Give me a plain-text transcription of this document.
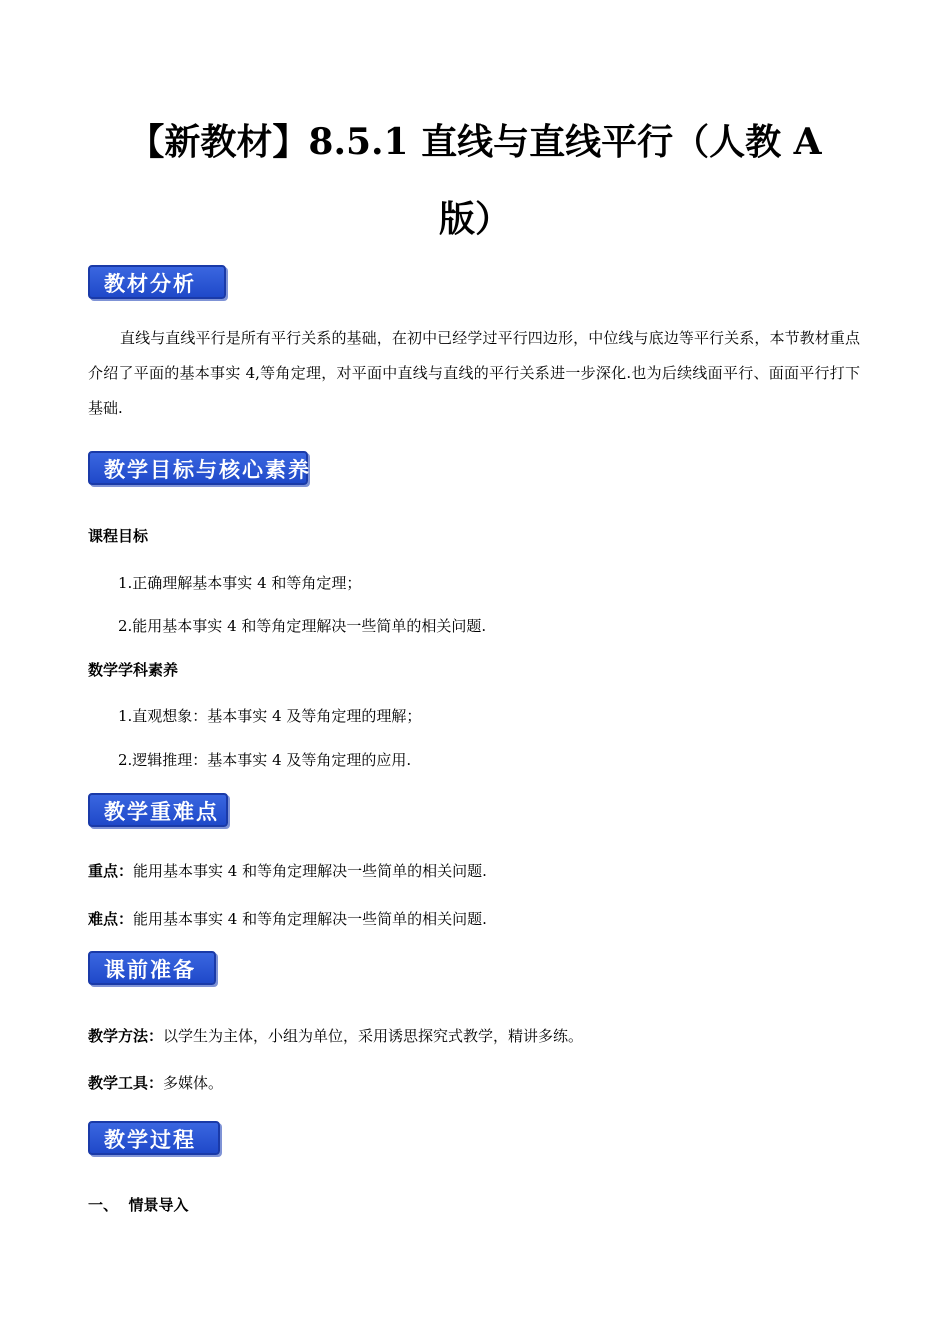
【新教材】8.5.1 直线与直线平行（人教 A
版）
教材分析
直线与直线平行是所有平行关系的基础，在初中已经学过平行四边形，中位线与底边等平行关系，本节教材重点介绍了平面的基本事实 4,等角定理，对平面中直线与直线的平行关系进一步深化.也为后续线面平行、面面平行打下基础.
教学目标与核心素养
课程目标
1.正确理解基本事实 4 和等角定理；
2.能用基本事实 4 和等角定理解决一些简单的相关问题.
数学学科素养
1.直观想象：基本事实 4 及等角定理的理解；
2.逻辑推理：基本事实 4 及等角定理的应用.
教学重难点
重点：能用基本事实 4 和等角定理解决一些简单的相关问题.
难点：能用基本事实 4 和等角定理解决一些简单的相关问题.
课前准备
教学方法：以学生为主体，小组为单位，采用诱思探究式教学，精讲多练。
教学工具：多媒体。
教学过程
一、 情景导入
